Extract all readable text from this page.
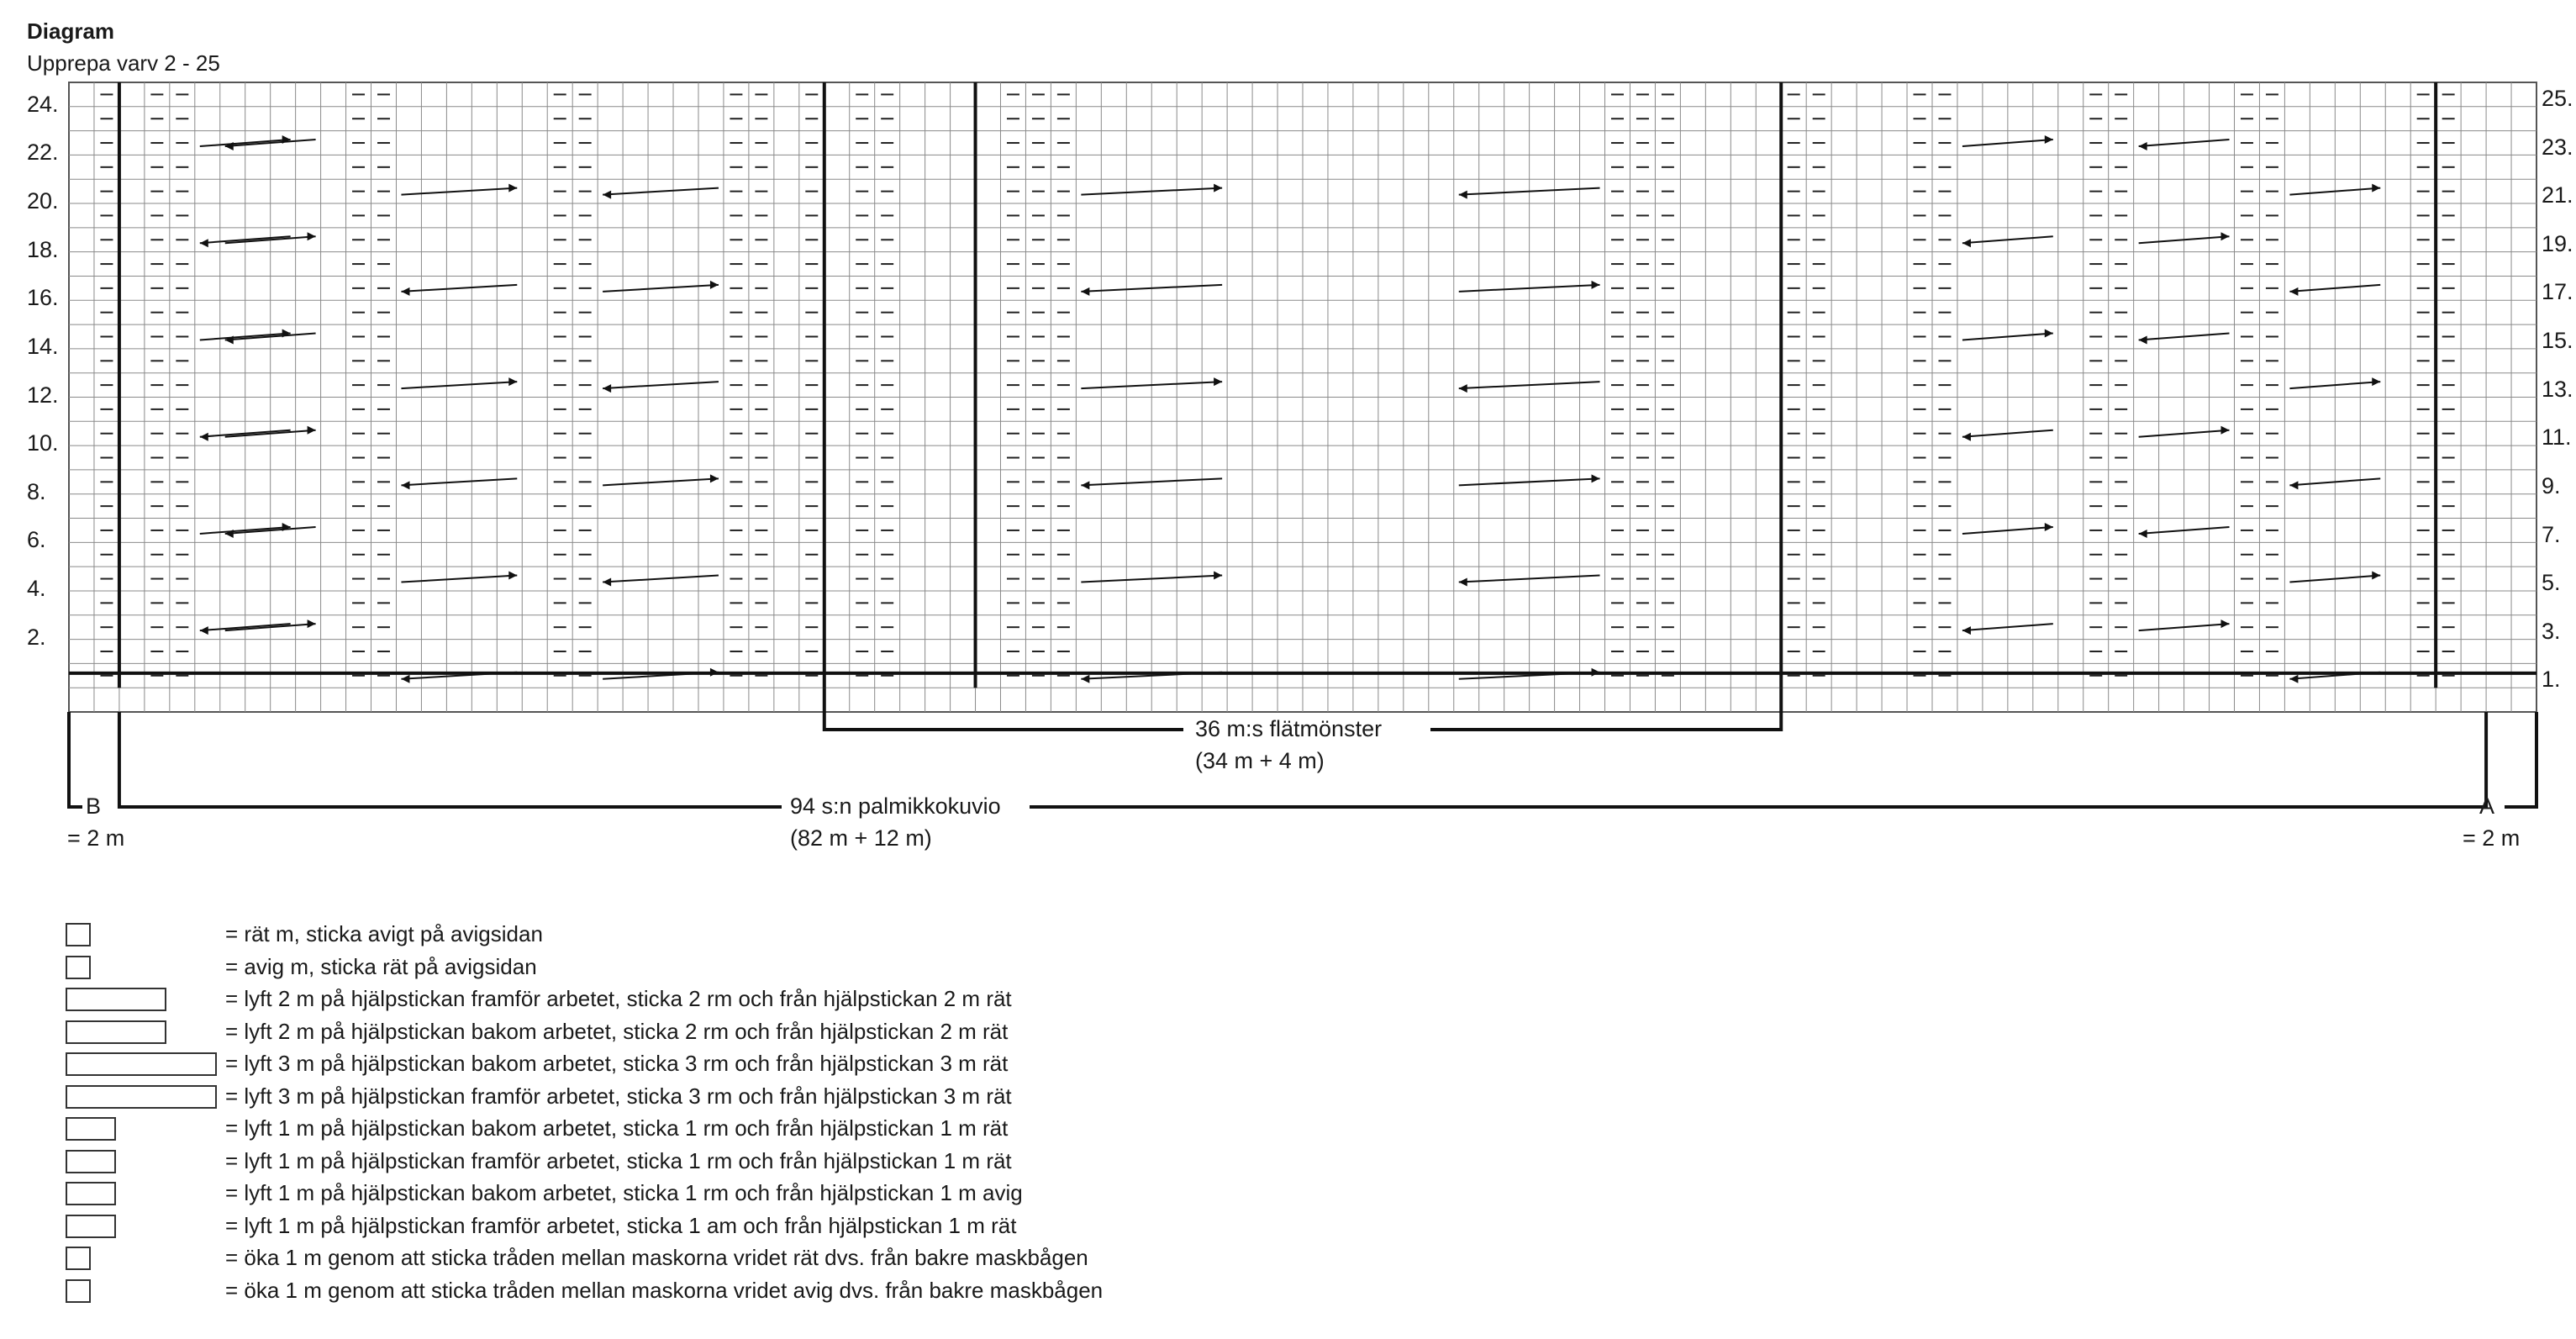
Diagram
Upprepa varv 2 - 25
24.
22.
20.
18.
16.
14.
12.
10.
8.
6.
4.
2.
25.
23.
21.
19.
17.
15.
13.
11.
9.
7.
5.
3.
1.
36 m:s flätmönster
(34 m + 4 m)
94 s:n palmikkokuvio
(82 m + 12 m)
B
= 2 m
A
= 2 m
= rät m, sticka avigt på avigsidan
= avig m, sticka rät på avigsidan
= lyft 2 m på hjälpstickan framför arbetet, sticka 2 rm och från hjälpstickan 2 m rät
= lyft 2 m på hjälpstickan bakom arbetet, sticka 2 rm och från hjälpstickan 2 m rät
= lyft 3 m på hjälpstickan bakom arbetet, sticka 3 rm och från hjälpstickan 3 m rät
= lyft 3 m på hjälpstickan framför arbetet, sticka 3 rm och från hjälpstickan 3 m rät
= lyft 1 m på hjälpstickan bakom arbetet, sticka 1 rm och från hjälpstickan 1 m rät
= lyft 1 m på hjälpstickan framför arbetet, sticka 1 rm och från hjälpstickan 1 m rät
= lyft 1 m på hjälpstickan bakom arbetet, sticka 1 rm och från hjälpstickan 1 m avig
= lyft 1 m på hjälpstickan framför arbetet, sticka 1 am och från hjälpstickan 1 m rät
= öka 1 m genom att sticka tråden mellan maskorna vridet rät dvs. från bakre maskbågen
= öka 1 m genom att sticka tråden mellan maskorna vridet avig dvs. från bakre maskbågen
